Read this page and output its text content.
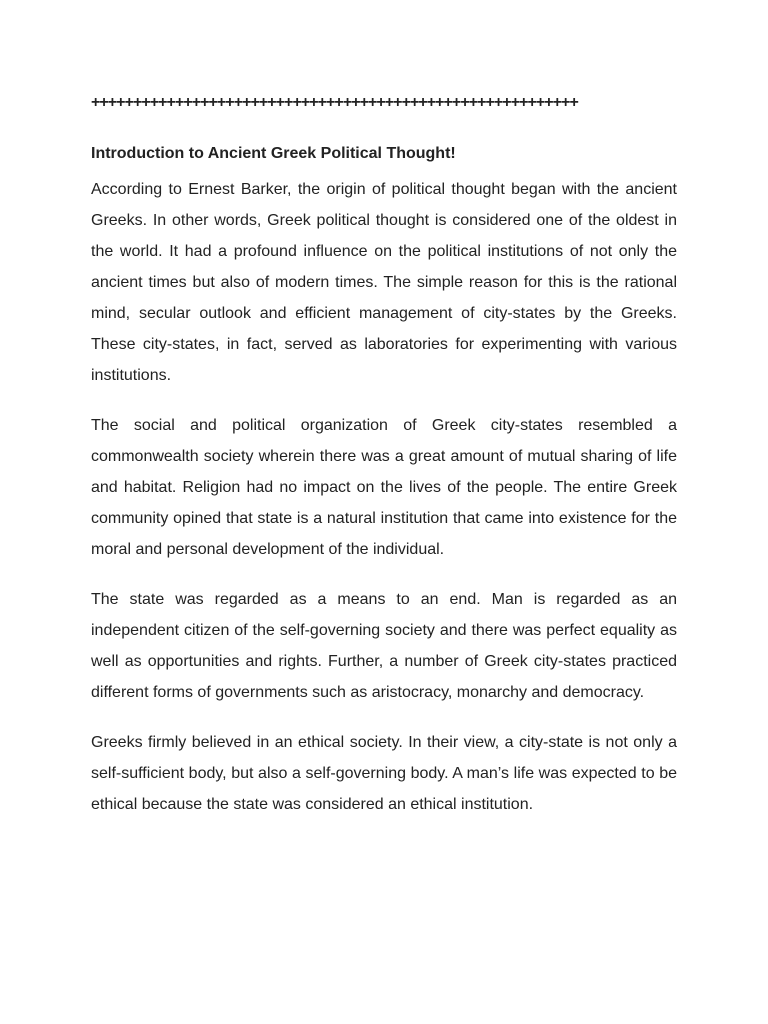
++++++++++++++++++++++++++++++++++++++++++++++++++++++++++
Introduction to Ancient Greek Political Thought!

According to Ernest Barker, the origin of political thought began with the ancient Greeks. In other words, Greek political thought is considered one of the oldest in the world. It had a profound influence on the political institutions of not only the ancient times but also of modern times. The simple reason for this is the rational mind, secular outlook and efficient management of city-states by the Greeks. These city-states, in fact, served as laboratories for experimenting with various institutions.

The social and political organization of Greek city-states resembled a commonwealth society wherein there was a great amount of mutual sharing of life and habitat. Religion had no impact on the lives of the people. The entire Greek community opined that state is a natural institution that came into existence for the moral and personal development of the individual.

The state was regarded as a means to an end. Man is regarded as an independent citizen of the self-governing society and there was perfect equality as well as opportunities and rights. Further, a number of Greek city-states practiced different forms of governments such as aristocracy, monarchy and democracy.

Greeks firmly believed in an ethical society. In their view, a city-state is not only a self-sufficient body, but also a self-governing body. A man’s life was expected to be ethical because the state was considered an ethical institution.
